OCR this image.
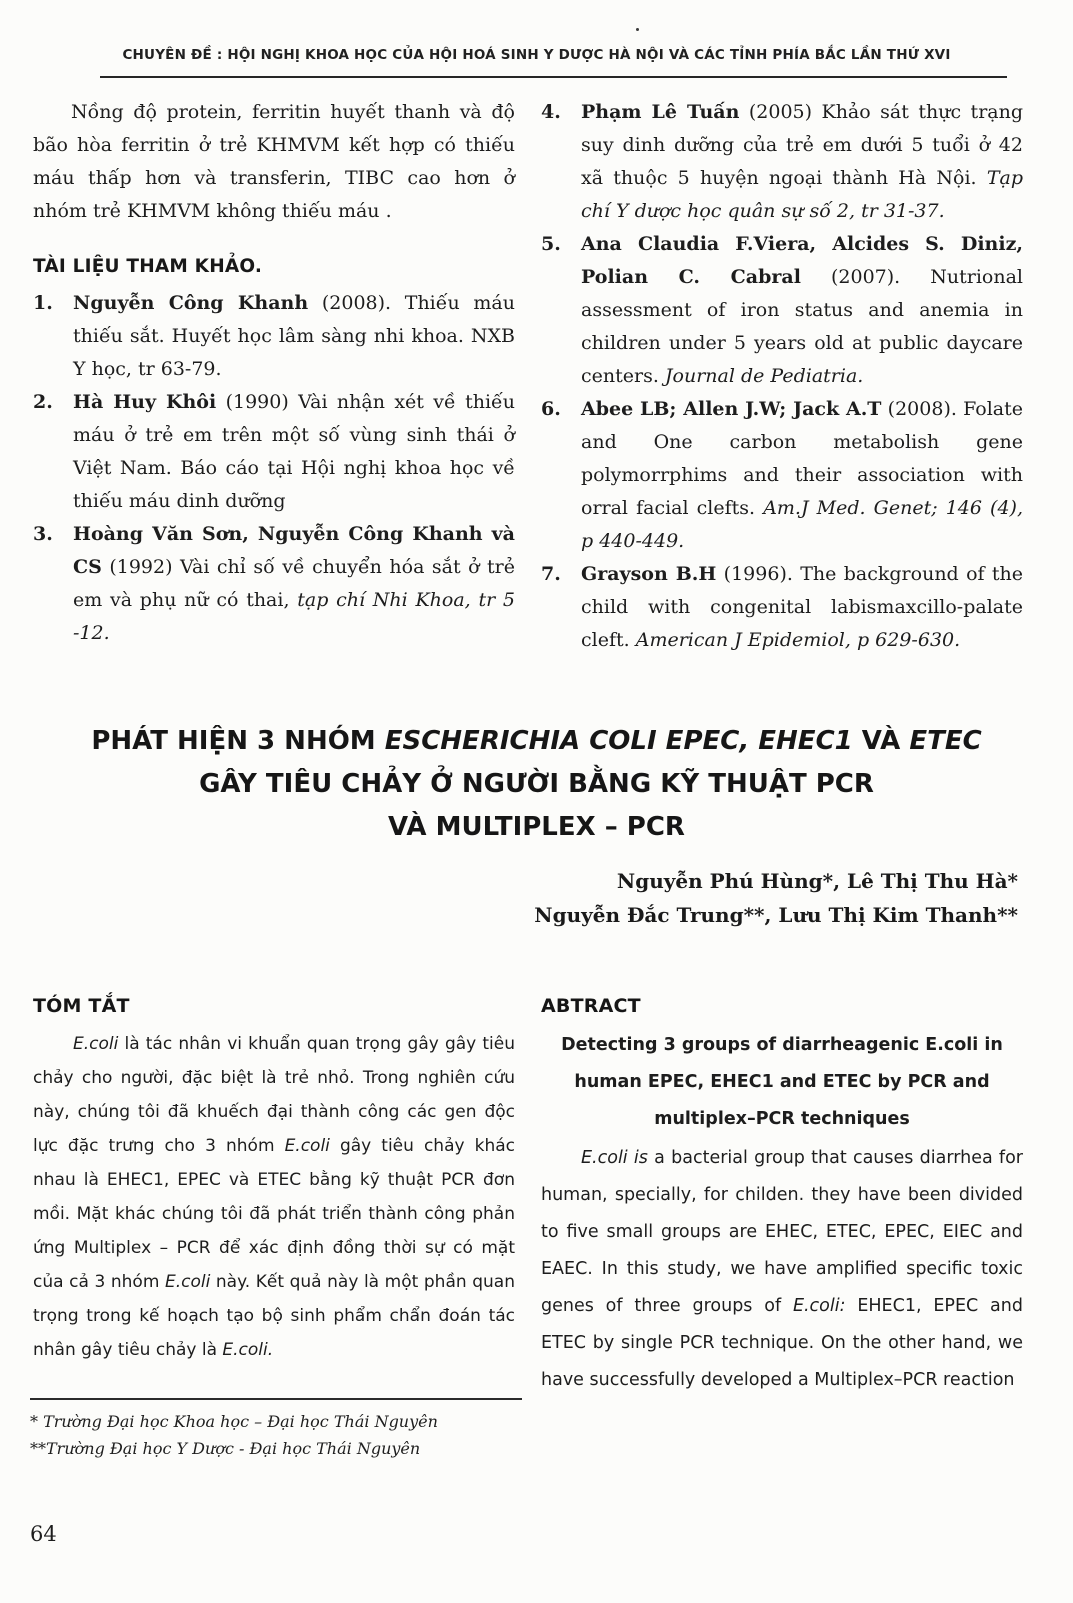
CHUYÊN ĐỀ : HỘI NGHỊ KHOA HỌC CỦA HỘI HOÁ SINH Y DƯỢC HÀ NỘI VÀ CÁC TỈNH PHÍA BẮC LẦN THỨ XVI

Nồng độ protein, ferritin huyết thanh và độ bão hòa ferritin ở trẻ KHMVM kết hợp có thiếu máu thấp hơn và transferin, TIBC cao hơn ở nhóm trẻ KHMVM không thiếu máu .

TÀI LIỆU THAM KHẢO.
1.	Nguyễn Công Khanh (2008). Thiếu máu thiếu sắt. Huyết học lâm sàng nhi khoa. NXB Y học, tr 63-79.
2.	Hà Huy Khôi (1990) Vài nhận xét về thiếu máu ở trẻ em trên một số vùng sinh thái ở Việt Nam. Báo cáo tại Hội nghị khoa học về thiếu máu dinh dưỡng
3.	Hoàng Văn Sơn, Nguyễn Công Khanh và CS (1992) Vài chỉ số về chuyển hóa sắt ở trẻ em và phụ nữ có thai, tạp chí Nhi Khoa, tr 5 -12.
4.	Phạm Lê Tuấn (2005) Khảo sát thực trạng suy dinh dưỡng của trẻ em dưới 5 tuổi ở 42 xã thuộc 5 huyện ngoại thành Hà Nội. Tạp chí Y dược học quân sự số 2, tr 31-37.
5.	Ana Claudia F.Viera, Alcides S. Diniz, Polian C. Cabral (2007). Nutrional assessment of iron status and anemia in children under 5 years old at public daycare centers. Journal de Pediatria.
6.	Abee LB; Allen J.W; Jack A.T (2008). Folate and One carbon metabolish gene polymorrphims and their association with orral facial clefts. Am.J Med. Genet; 146 (4), p 440-449.
7.	Grayson B.H (1996). The background of the child with congenital labismaxcillo-palate cleft. American J Epidemiol, p 629-630.
PHÁT HIỆN 3 NHÓM ESCHERICHIA COLI EPEC, EHEC1 VÀ ETEC
GÂY TIÊU CHẢY Ở NGƯỜI BẰNG KỸ THUẬT PCR
VÀ MULTIPLEX – PCR
Nguyễn Phú Hùng*, Lê Thị Thu Hà*
Nguyễn Đắc Trung**, Lưu Thị Kim Thanh**
TÓM TẮT

E.coli là tác nhân vi khuẩn quan trọng gây gây tiêu chảy cho người, đặc biệt là trẻ nhỏ. Trong nghiên cứu này, chúng tôi đã khuếch đại thành công các gen độc lực đặc trưng cho 3 nhóm E.coli gây tiêu chảy khác nhau là EHEC1, EPEC và ETEC bằng kỹ thuật PCR đơn mồi. Mặt khác chúng tôi đã phát triển thành công phản ứng Multiplex – PCR để xác định đồng thời sự có mặt của cả 3 nhóm E.coli này. Kết quả này là một phần quan trọng trong kế hoạch tạo bộ sinh phẩm chẩn đoán tác nhân gây tiêu chảy là E.coli.

ABTRACT
Detecting 3 groups of diarrheagenic E.coli in human EPEC, EHEC1 and ETEC by PCR and multiplex–PCR techniques

E.coli is a bacterial group that causes diarrhea for human, specially, for childen. they have been divided to five small groups are EHEC, ETEC, EPEC, EIEC and EAEC. In this study, we have amplified specific toxic genes of three groups of E.coli: EHEC1, EPEC and ETEC by single PCR technique. On the other hand, we have successfully developed a Multiplex–PCR reaction

* Trường Đại học Khoa học – Đại học Thái Nguyên
**Trường Đại học Y Dược - Đại học Thái Nguyên
64
